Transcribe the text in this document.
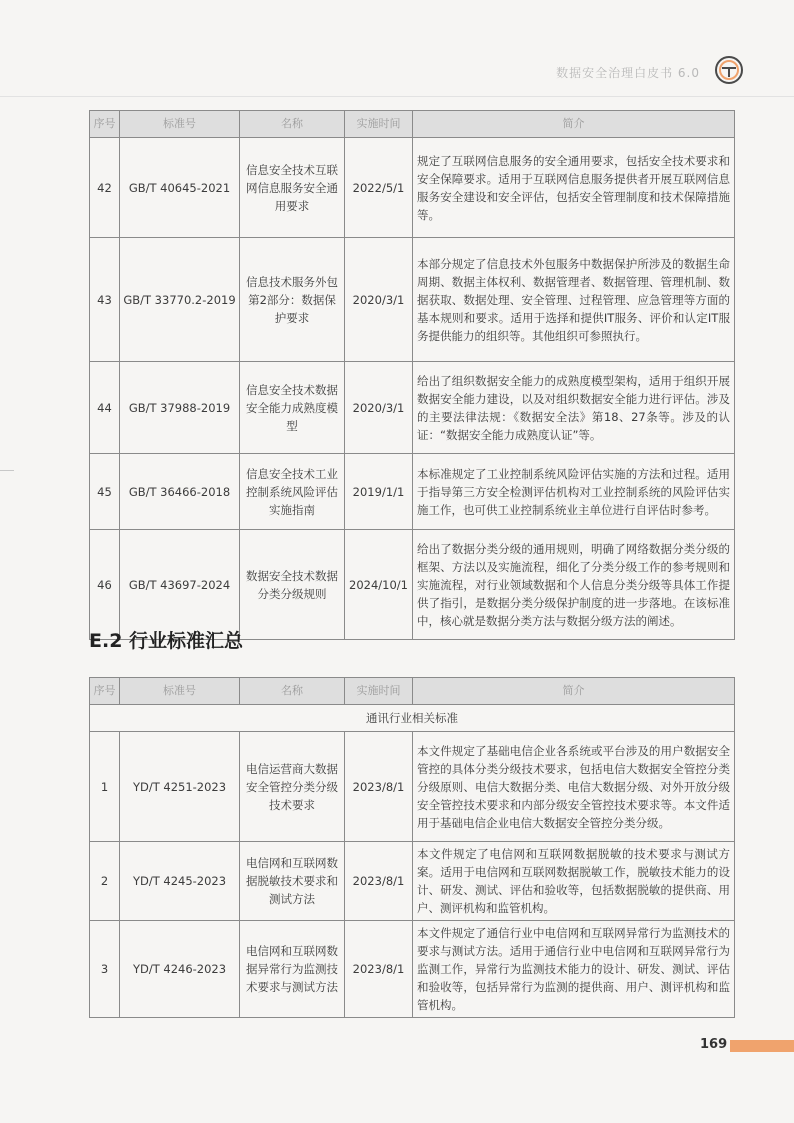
数据安全治理白皮书 6.0
序号	标准号	名称	实施时间	简介
42	GB/T 40645-2021	信息安全技术互联网信息服务安全通用要求	2022/5/1	规定了互联网信息服务的安全通用要求，包括安全技术要求和安全保障要求。适用于互联网信息服务提供者开展互联网信息服务安全建设和安全评估，包括安全管理制度和技术保障措施等。
43	GB/T 33770.2-2019	信息技术服务外包 第2部分：数据保护要求	2020/3/1	本部分规定了信息技术外包服务中数据保护所涉及的数据生命周期、数据主体权利、数据管理者、数据管理、管理机制、数据获取、数据处理、安全管理、过程管理、应急管理等方面的基本规则和要求。适用于选择和提供IT服务、评价和认定IT服务提供能力的组织等。其他组织可参照执行。
44	GB/T 37988-2019	信息安全技术数据安全能力成熟度模型	2020/3/1	给出了组织数据安全能力的成熟度模型架构，适用于组织开展数据安全能力建设，以及对组织数据安全能力进行评估。涉及的主要法律法规：《数据安全法》第18、27条等。涉及的认证：“数据安全能力成熟度认证”等。
45	GB/T 36466-2018	信息安全技术工业控制系统风险评估实施指南	2019/1/1	本标准规定了工业控制系统风险评估实施的方法和过程。适用于指导第三方安全检测评估机构对工业控制系统的风险评估实施工作，也可供工业控制系统业主单位进行自评估时参考。
46	GB/T 43697-2024	数据安全技术数据分类分级规则	2024/10/1	给出了数据分类分级的通用规则，明确了网络数据分类分级的框架、方法以及实施流程，细化了分类分级工作的参考规则和实施流程，对行业领域数据和个人信息分类分级等具体工作提供了指引，是数据分类分级保护制度的进一步落地。在该标准中，核心就是数据分类方法与数据分级方法的阐述。
E.2 行业标准汇总
序号	标准号	名称	实施时间	简介
通讯行业相关标准				
1	YD/T 4251-2023	电信运营商大数据安全管控分类分级技术要求	2023/8/1	本文件规定了基础电信企业各系统或平台涉及的用户数据安全管控的具体分类分级技术要求，包括电信大数据安全管控分类分级原则、电信大数据分类、电信大数据分级、对外开放分级安全管控技术要求和内部分级安全管控技术要求等。本文件适用于基础电信企业电信大数据安全管控分类分级。
2	YD/T 4245-2023	电信网和互联网数据脱敏技术要求和测试方法	2023/8/1	本文件规定了电信网和互联网数据脱敏的技术要求与测试方案。适用于电信网和互联网数据脱敏工作，脱敏技术能力的设计、研发、测试、评估和验收等，包括数据脱敏的提供商、用户、测评机构和监管机构。
3	YD/T 4246-2023	电信网和互联网数据异常行为监测技术要求与测试方法	2023/8/1	本文件规定了通信行业中电信网和互联网异常行为监测技术的要求与测试方法。适用于通信行业中电信网和互联网异常行为监测工作，异常行为监测技术能力的设计、研发、测试、评估和验收等，包括异常行为监测的提供商、用户、测评机构和监管机构。
169
